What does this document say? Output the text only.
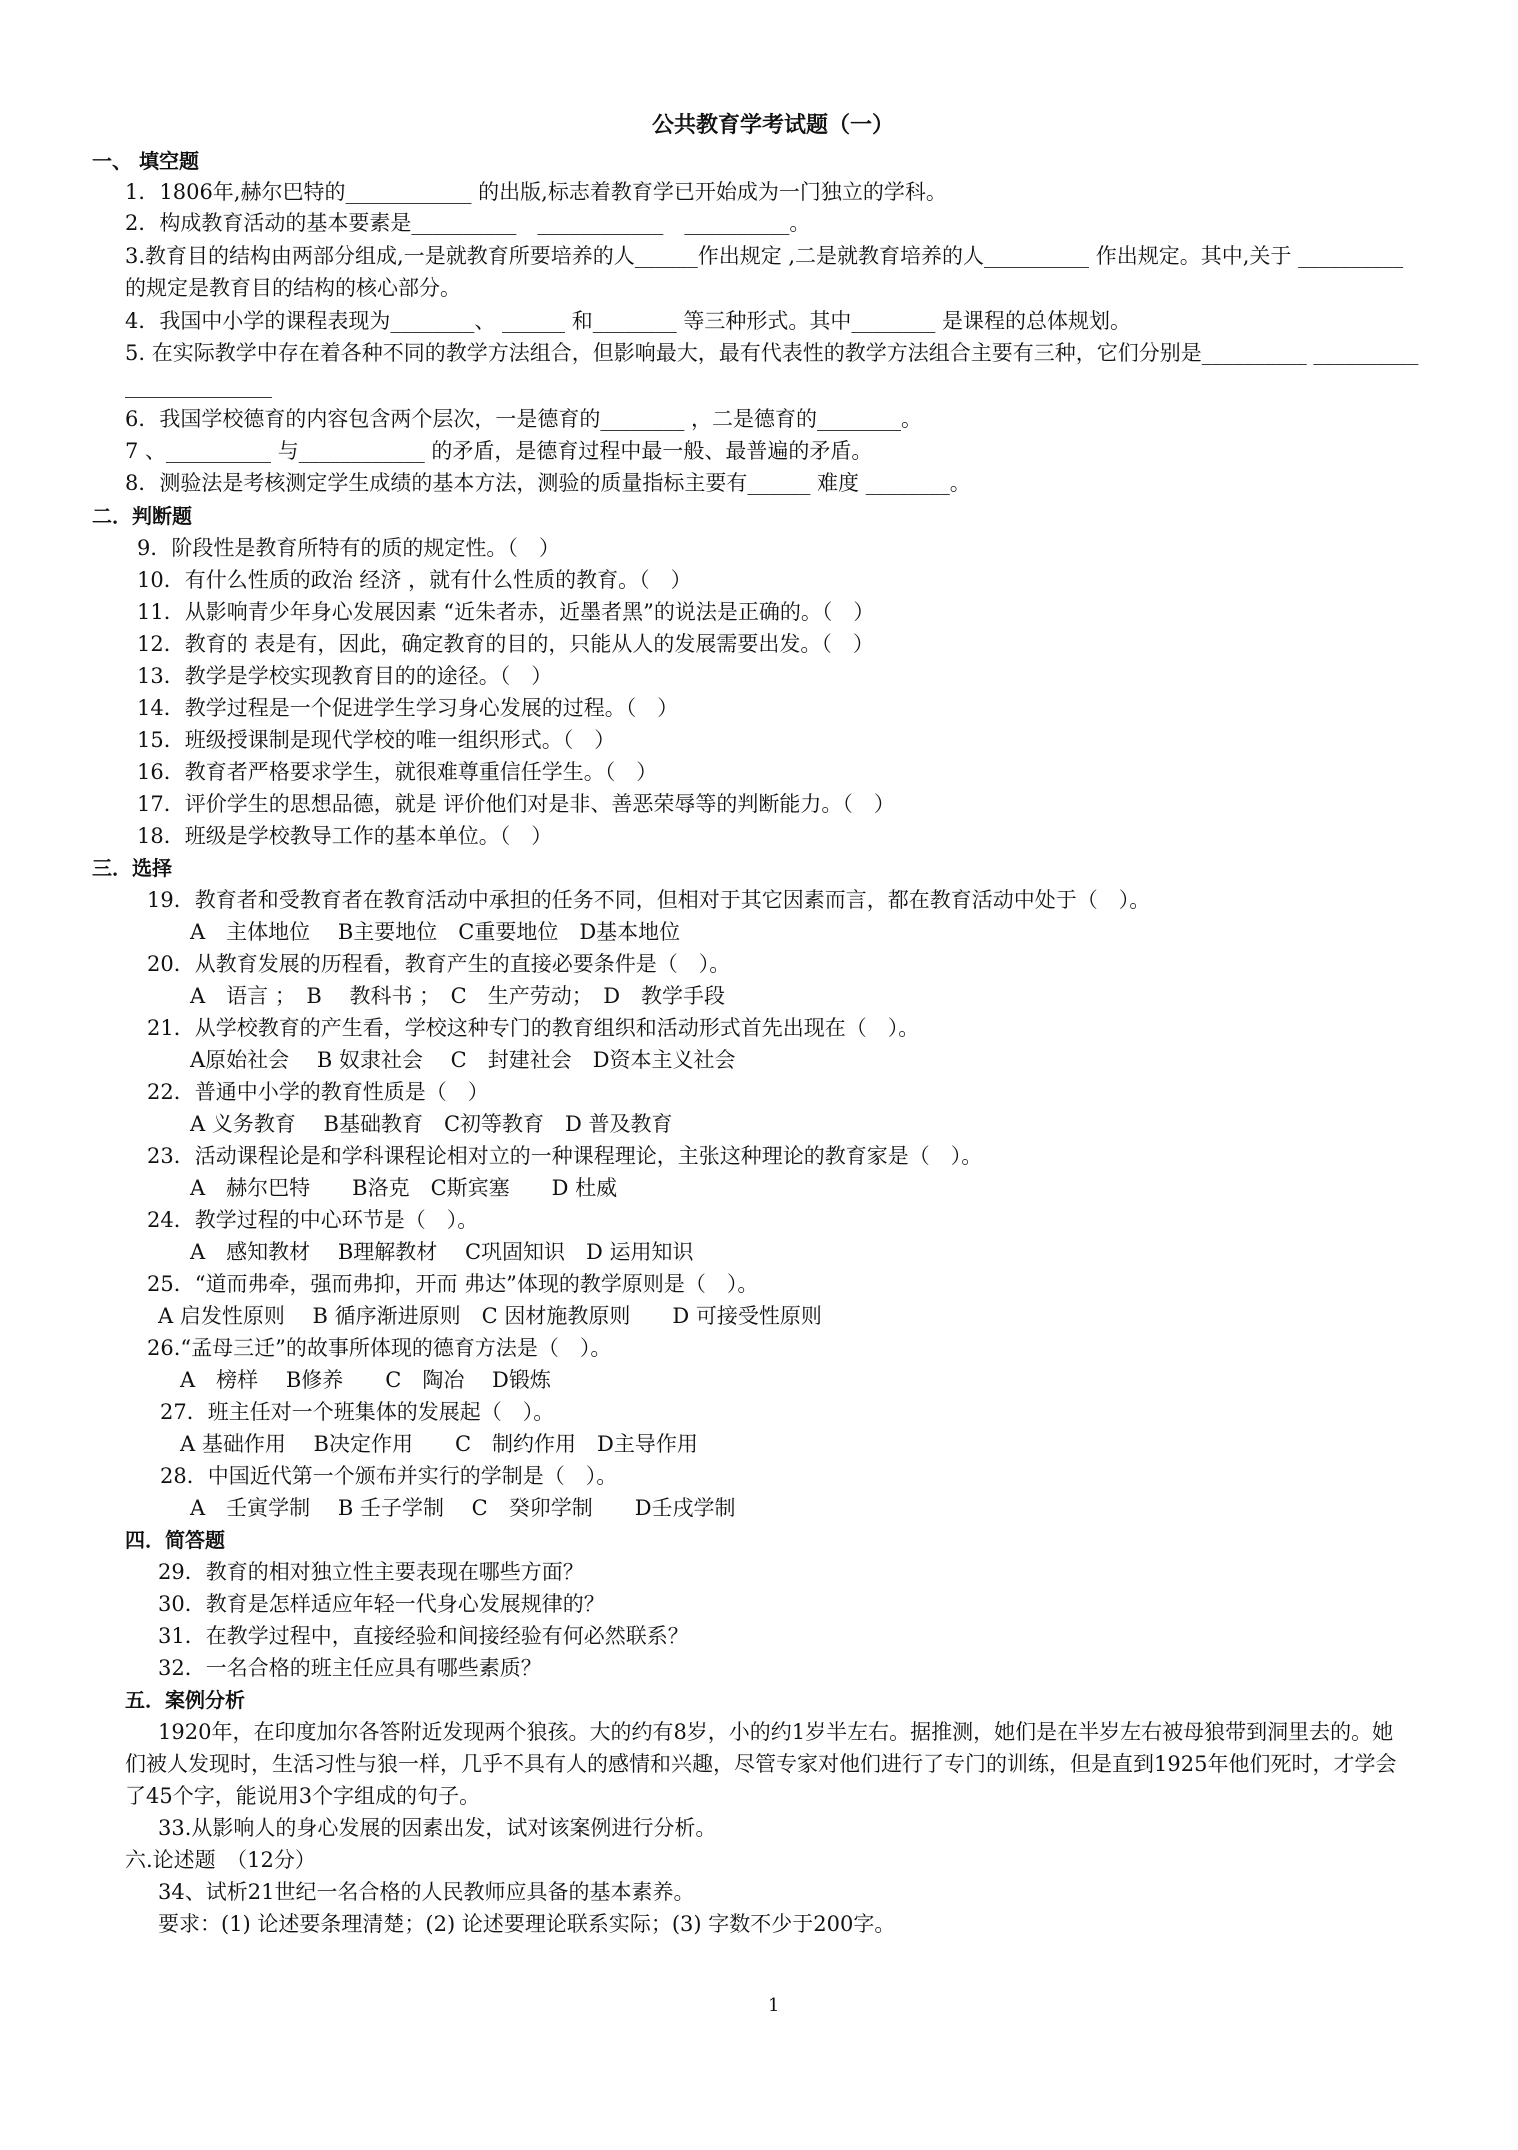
公共教育学考试题（一）
一、 填空题
1．1806年,赫尔巴特的____________ 的出版,标志着教育学已开始成为一门独立的学科。
2．构成教育活动的基本要素是__________　____________　__________。
3.教育目的结构由两部分组成,一是就教育所要培养的人______作出规定 ,二是就教育培养的人__________ 作出规定。其中,关于 __________
的规定是教育目的结构的核心部分。
4．我国中小学的课程表现为________、 ______ 和________ 等三种形式。其中________ 是课程的总体规划。
5. 在实际教学中存在着各种不同的教学方法组合，但影响最大，最有代表性的教学方法组合主要有三种，它们分别是__________ __________
______________
6．我国学校德育的内容包含两个层次，一是德育的________ ，二是德育的________。
7 、__________ 与____________ 的矛盾，是德育过程中最一般、最普遍的矛盾。
8．测验法是考核测定学生成绩的基本方法，测验的质量指标主要有______ 难度 ________。
二．判断题
9．阶段性是教育所特有的质的规定性。（　）
10．有什么性质的政治 经济 ，就有什么性质的教育。（　）
11．从影响青少年身心发展因素 “近朱者赤，近墨者黑”的说法是正确的。（　）
12．教育的 表是有，因此，确定教育的目的，只能从人的发展需要出发。（　）
13．教学是学校实现教育目的的途径。（　）
14．教学过程是一个促进学生学习身心发展的过程。（　）
15．班级授课制是现代学校的唯一组织形式。（　）
16．教育者严格要求学生，就很难尊重信任学生。（　）
17．评价学生的思想品德，就是 评价他们对是非、善恶荣辱等的判断能力。（　）
18．班级是学校教导工作的基本单位。（　）
三．选择
19．教育者和受教育者在教育活动中承担的任务不同，但相对于其它因素而言，都在教育活动中处于（　）。
A　主体地位　 B主要地位　C重要地位　D基本地位
20．从教育发展的历程看，教育产生的直接必要条件是（　）。
A　语言 ；　B　 教科书 ；　C　生产劳动；　D　教学手段
21．从学校教育的产生看，学校这种专门的教育组织和活动形式首先出现在（　）。
A原始社会　 B 奴隶社会　 C　封建社会　D资本主义社会
22．普通中小学的教育性质是（　）
A 义务教育　 B基础教育　C初等教育　D 普及教育
23．活动课程论是和学科课程论相对立的一种课程理论，主张这种理论的教育家是（　）。
A　赫尔巴特　　B洛克　C斯宾塞　　D 杜威
24．教学过程的中心环节是（　）。
A　感知教材　 B理解教材　 C巩固知识　D 运用知识
25．“道而弗牵，强而弗抑，开而 弗达”体现的教学原则是（　）。
A 启发性原则　 B 循序渐进原则　C 因材施教原则　　D 可接受性原则
26.“孟母三迁”的故事所体现的德育方法是（　）。
A　榜样　 B修养　　C　陶冶　 D锻炼
27．班主任对一个班集体的发展起（　）。
A 基础作用　 B决定作用　　C　制约作用　D主导作用
28．中国近代第一个颁布并实行的学制是（　）。
A　壬寅学制　 B 壬子学制　 C　癸卯学制　　D壬戌学制
四．简答题
29．教育的相对独立性主要表现在哪些方面？
30．教育是怎样适应年轻一代身心发展规律的？
31．在教学过程中，直接经验和间接经验有何必然联系？
32．一名合格的班主任应具有哪些素质？
五．案例分析
1920年，在印度加尔各答附近发现两个狼孩。大的约有8岁，小的约1岁半左右。据推测，她们是在半岁左右被母狼带到洞里去的。她
们被人发现时，生活习性与狼一样，几乎不具有人的感情和兴趣，尽管专家对他们进行了专门的训练，但是直到1925年他们死时，才学会
了45个字，能说用3个字组成的句子。
33.从影响人的身心发展的因素出发，试对该案例进行分析。
六.论述题　（12分）
34、试析21世纪一名合格的人民教师应具备的基本素养。
要求：(1) 论述要条理清楚；(2) 论述要理论联系实际；(3) 字数不少于200字。
1
